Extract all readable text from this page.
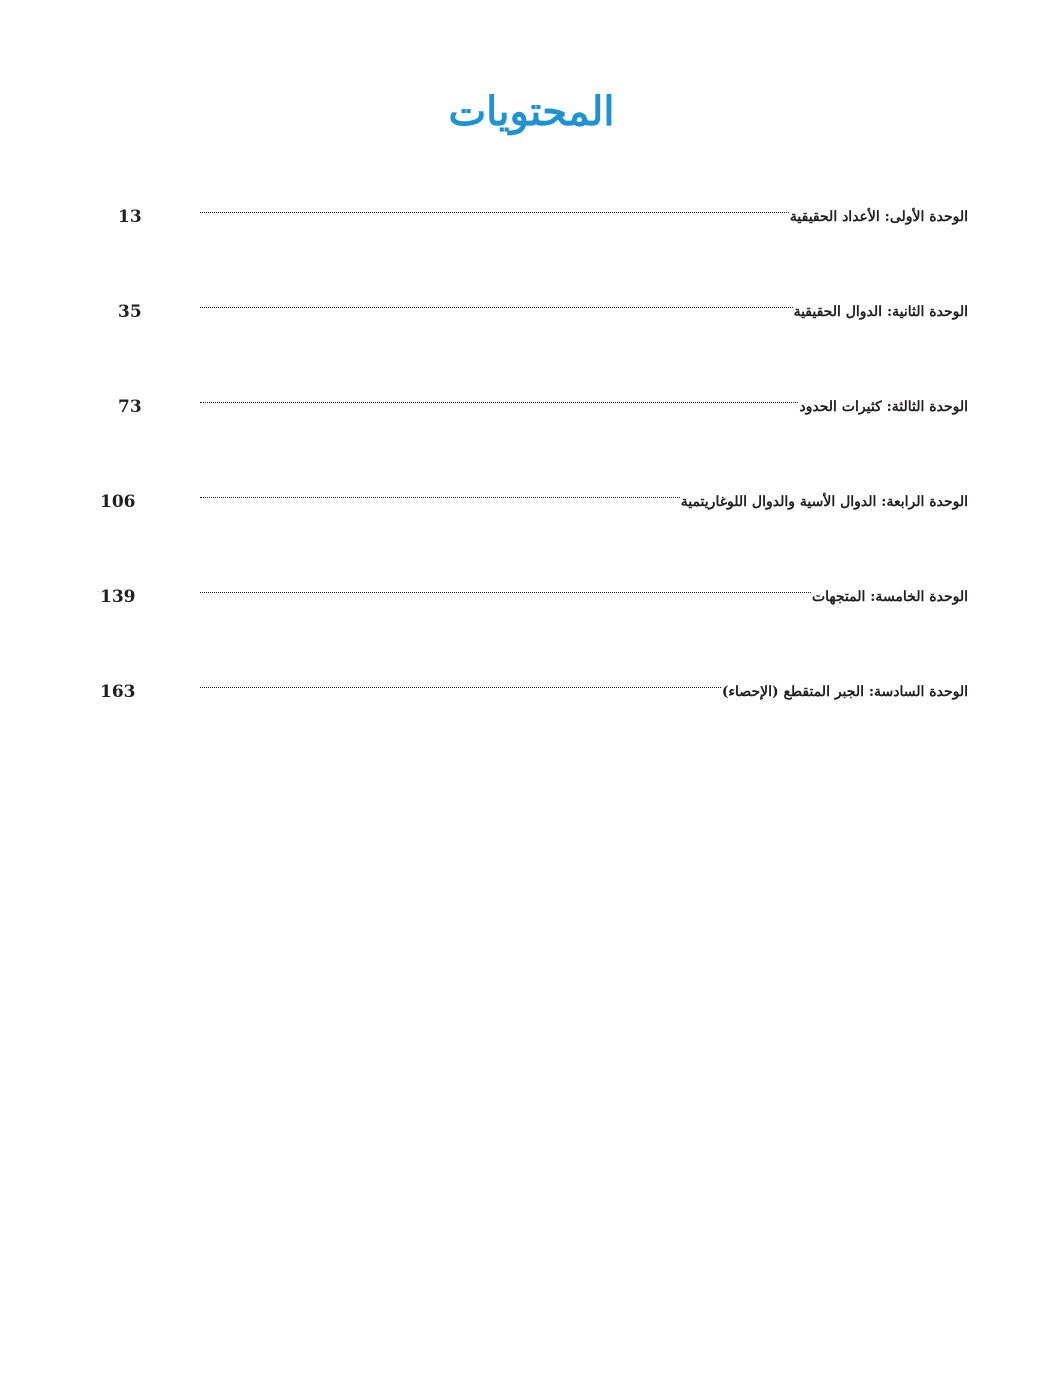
المحتويات
الوحدة الأولى: الأعداد الحقيقية
13
الوحدة الثانية: الدوال الحقيقية
35
الوحدة الثالثة: كثيرات الحدود
73
الوحدة الرابعة: الدوال الأسية والدوال اللوغاريتمية
106
الوحدة الخامسة: المتجهات
139
الوحدة السادسة: الجبر المتقطع (الإحصاء)
163
